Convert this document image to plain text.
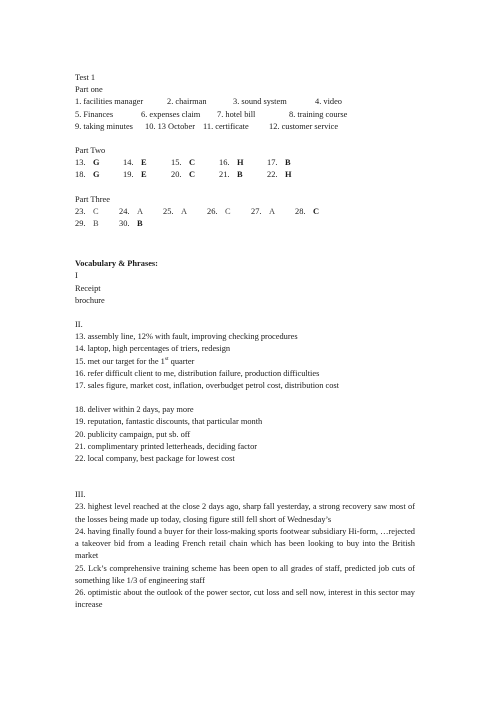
Test 1
Part one
1. facilities manager	2. chairman	3. sound system	4. video
5. Finances	6. expenses claim 7. hotel bill	8. training course
9. taking minutes 10. 13 October 11. certificate 12. customer service
Part Two
13. G	14. E	15. C	16. H	17. B
18. G	19. E	20. C	21. B	22. H
Part Three
23. C 24. A 25. A 26. C 27. A 28. C
29. B 30. B
Vocabulary & Phrases:
I
Receipt
brochure
II.
13. assembly line, 12% with fault, improving checking procedures
14. laptop, high percentages of triers, redesign
15. met our target for the 1st quarter
16. refer difficult client to me, distribution failure, production difficulties
17. sales figure, market cost, inflation, overbudget petrol cost, distribution cost
18. deliver within 2 days, pay more
19. reputation, fantastic discounts, that particular month
20. publicity campaign, put sb. off
21. complimentary printed letterheads, deciding factor
22. local company, best package for lowest cost
III.
23. highest level reached at the close 2 days ago, sharp fall yesterday, a strong recovery saw most of the losses being made up today, closing figure still fell short of Wednesday’s
24. having finally found a buyer for their loss-making sports footwear subsidiary Hi-form, …rejected a takeover bid from a leading French retail chain which has been looking to buy into the British market
25. Lck’s comprehensive training scheme has been open to all grades of staff, predicted job cuts of something like 1/3 of engineering staff
26. optimistic about the outlook of the power sector, cut loss and sell now, interest in this sector may increase
